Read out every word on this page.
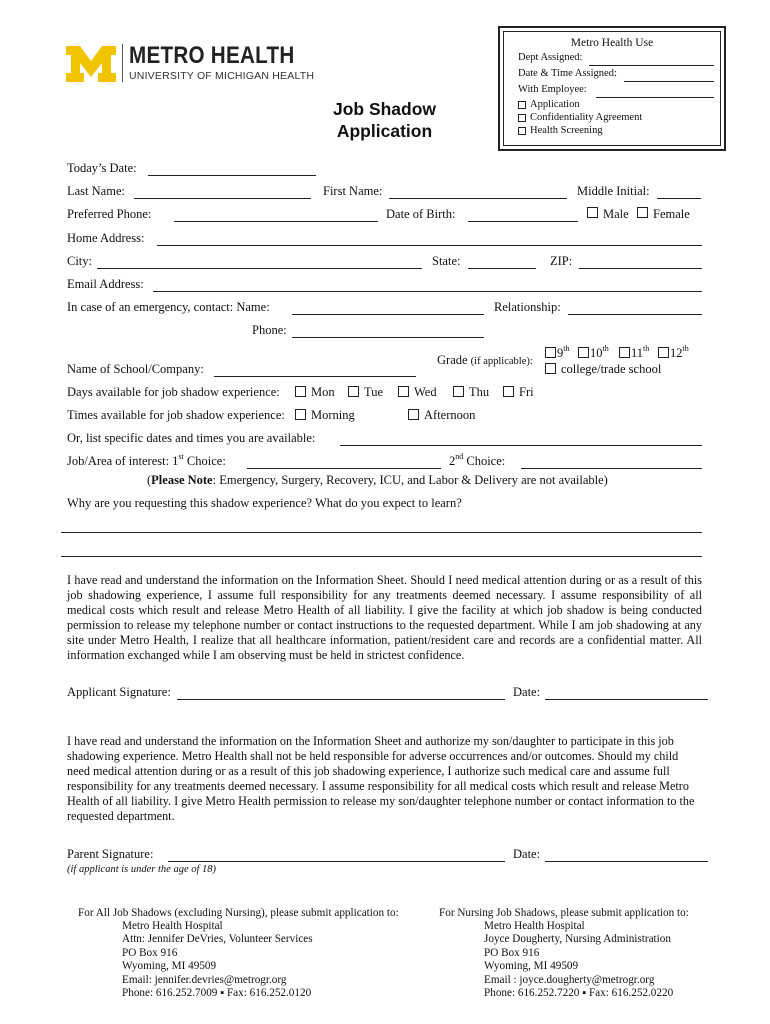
METRO HEALTH
UNIVERSITY OF MICHIGAN HEALTH
Job Shadow
Application
Metro Health Use
Dept Assigned:
Date & Time Assigned:
With Employee:
Application
Confidentiality Agreement
Health Screening
Today’s Date:
Last Name:	First Name:	Middle Initial:
Preferred Phone:	Date of Birth:	Male Female
Home Address:
City:	State:	ZIP:
Email Address:
In case of an emergency, contact: Name:	Relationship:
Phone:
Name of School/Company:
Grade (if applicable):
9th 10th 11th 12th
college/trade school
Days available for job shadow experience: Mon Tue Wed	Thu Fri
Times available for job shadow experience: Morning	Afternoon
Or, list specific dates and times you are available:
Job/Area of interest: 1st Choice:	2nd Choice:
(Please Note: Emergency, Surgery, Recovery, ICU, and Labor & Delivery are not available)
Why are you requesting this shadow experience? What do you expect to learn?
I have read and understand the information on the Information Sheet. Should I need medical attention during or as a result of this job shadowing experience, I assume full responsibility for any treatments deemed necessary. I assume responsibility of all medical costs which result and release Metro Health of all liability. I give the facility at which job shadow is being conducted permission to release my telephone number or contact instructions to the requested department. While I am job shadowing at any site under Metro Health, I realize that all healthcare information, patient/resident care and records are a confidential matter. All information exchanged while I am observing must be held in strictest confidence.
Applicant Signature:	Date:
I have read and understand the information on the Information Sheet and authorize my son/daughter to participate in this job shadowing experience. Metro Health shall not be held responsible for adverse occurrences and/or outcomes. Should my child need medical attention during or as a result of this job shadowing experience, I authorize such medical care and assume full responsibility for any treatments deemed necessary. I assume responsibility for all medical costs which result and release Metro Health of all liability. I give Metro Health permission to release my son/daughter telephone number or contact information to the requested department.
Parent Signature:	Date:
(if applicant is under the age of 18)
For All Job Shadows (excluding Nursing), please submit application to:
Metro Health Hospital
Attn: Jennifer DeVries, Volunteer Services
PO Box 916
Wyoming, MI 49509
Email: jennifer.devries@metrogr.org
Phone: 616.252.7009 ▪ Fax: 616.252.0120
For Nursing Job Shadows, please submit application to:
Metro Health Hospital
Joyce Dougherty, Nursing Administration
PO Box 916
Wyoming, MI 49509
Email : joyce.dougherty@metrogr.org
Phone: 616.252.7220 ▪ Fax: 616.252.0220
